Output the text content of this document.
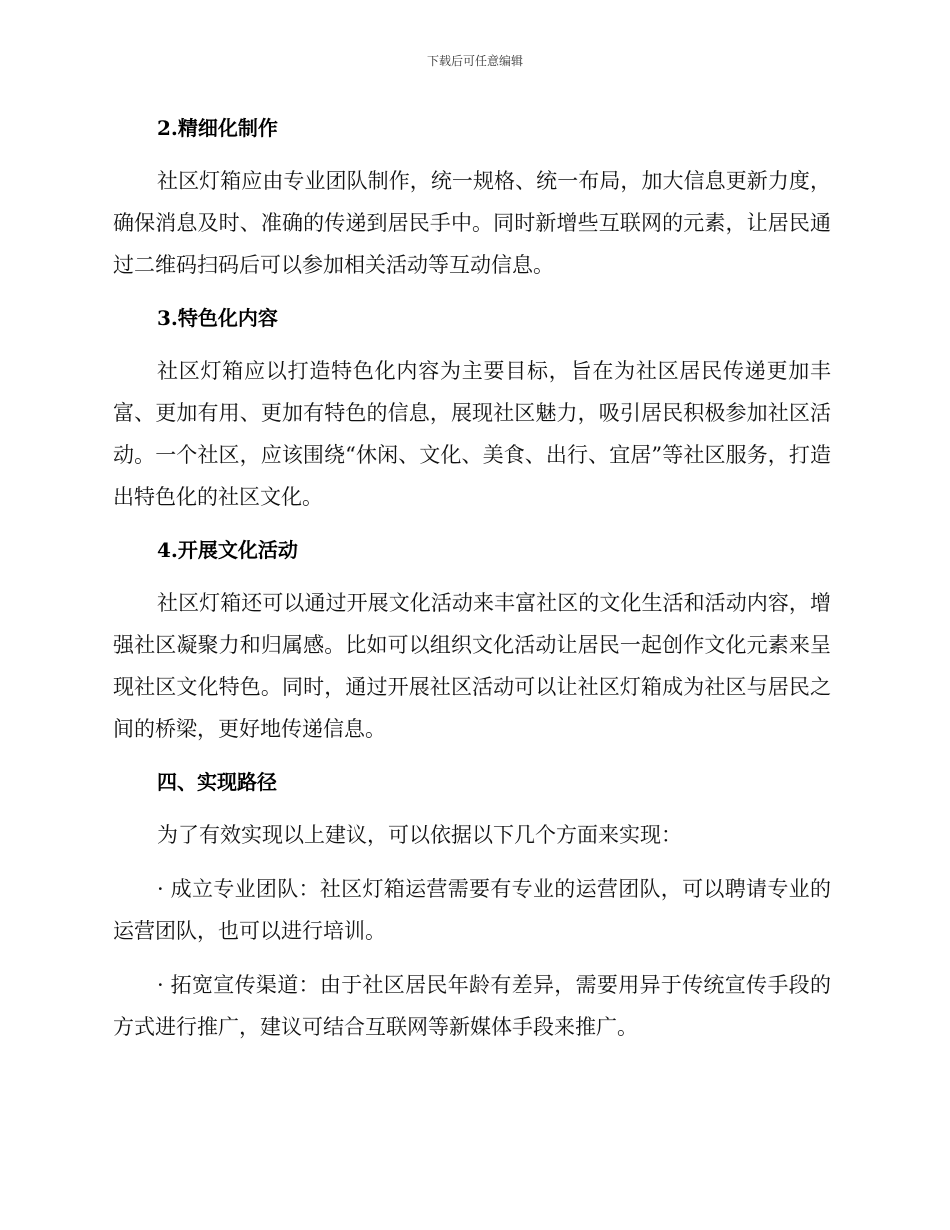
下载后可任意编辑
2.精细化制作

社区灯箱应由专业团队制作，统一规格、统一布局，加大信息更新力度，确保消息及时、准确的传递到居民手中。同时新增些互联网的元素，让居民通过二维码扫码后可以参加相关活动等互动信息。

3.特色化内容

社区灯箱应以打造特色化内容为主要目标，旨在为社区居民传递更加丰富、更加有用、更加有特色的信息，展现社区魅力，吸引居民积极参加社区活动。一个社区，应该围绕“休闲、文化、美食、出行、宜居”等社区服务，打造出特色化的社区文化。

4.开展文化活动

社区灯箱还可以通过开展文化活动来丰富社区的文化生活和活动内容，增强社区凝聚力和归属感。比如可以组织文化活动让居民一起创作文化元素来呈现社区文化特色。同时，通过开展社区活动可以让社区灯箱成为社区与居民之间的桥梁，更好地传递信息。

四、实现路径

为了有效实现以上建议，可以依据以下几个方面来实现：

· 成立专业团队：社区灯箱运营需要有专业的运营团队，可以聘请专业的运营团队，也可以进行培训。

· 拓宽宣传渠道：由于社区居民年龄有差异，需要用异于传统宣传手段的方式进行推广，建议可结合互联网等新媒体手段来推广。
